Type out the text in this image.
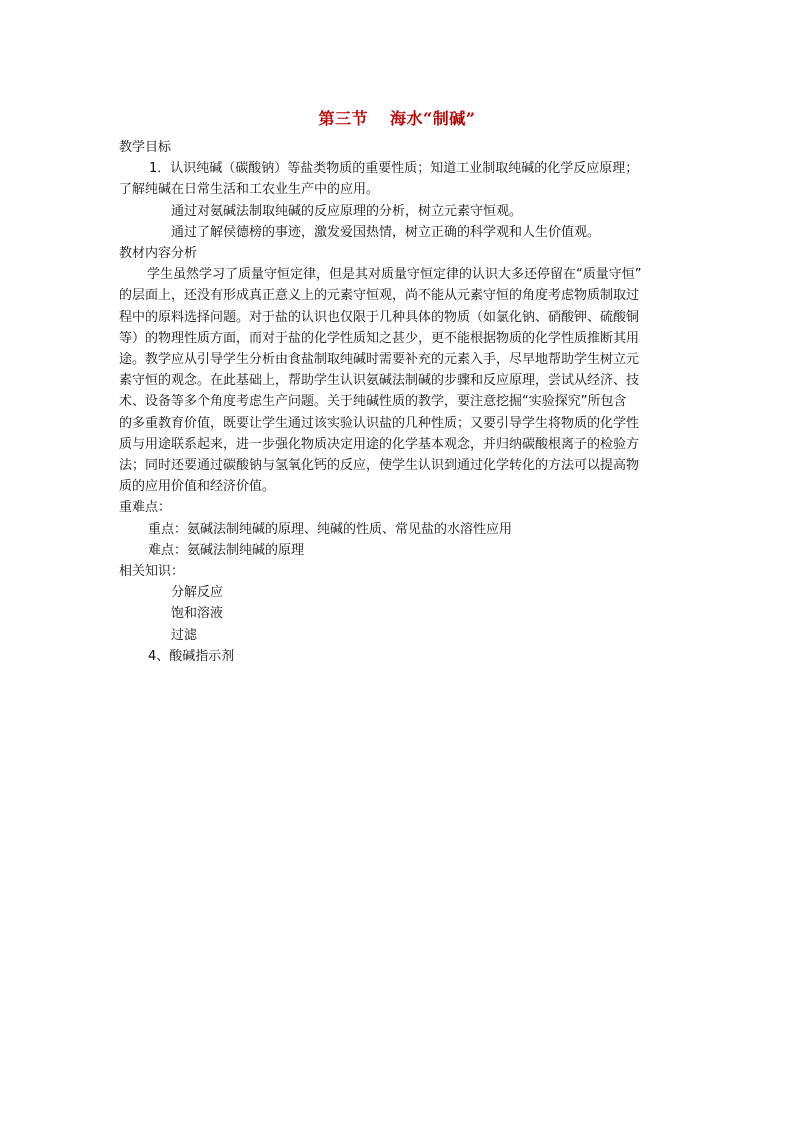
第三节 海水“制碱”
教学目标
1．认识纯碱（碳酸钠）等盐类物质的重要性质；知道工业制取纯碱的化学反应原理；
了解纯碱在日常生活和工农业生产中的应用。
通过对氨碱法制取纯碱的反应原理的分析，树立元素守恒观。
通过了解侯德榜的事迹，激发爱国热情，树立正确的科学观和人生价值观。
教材内容分析
学生虽然学习了质量守恒定律，但是其对质量守恒定律的认识大多还停留在“质量守恒”
的层面上，还没有形成真正意义上的元素守恒观，尚不能从元素守恒的角度考虑物质制取过
程中的原料选择问题。对于盐的认识也仅限于几种具体的物质（如氯化钠、硝酸钾、硫酸铜
等）的物理性质方面，而对于盐的化学性质知之甚少，更不能根据物质的化学性质推断其用
途。教学应从引导学生分析由食盐制取纯碱时需要补充的元素入手，尽早地帮助学生树立元
素守恒的观念。在此基础上，帮助学生认识氨碱法制碱的步骤和反应原理，尝试从经济、技
术、设备等多个角度考虑生产问题。关于纯碱性质的教学，要注意挖掘“实验探究”所包含
的多重教育价值，既要让学生通过该实验认识盐的几种性质；又要引导学生将物质的化学性
质与用途联系起来，进一步强化物质决定用途的化学基本观念，并归纳碳酸根离子的检验方
法；同时还要通过碳酸钠与氢氧化钙的反应，使学生认识到通过化学转化的方法可以提高物
质的应用价值和经济价值。
重难点：
重点：氨碱法制纯碱的原理、纯碱的性质、常见盐的水溶性应用
难点：氨碱法制纯碱的原理
相关知识：
分解反应
饱和溶液
过滤
4、酸碱指示剂
